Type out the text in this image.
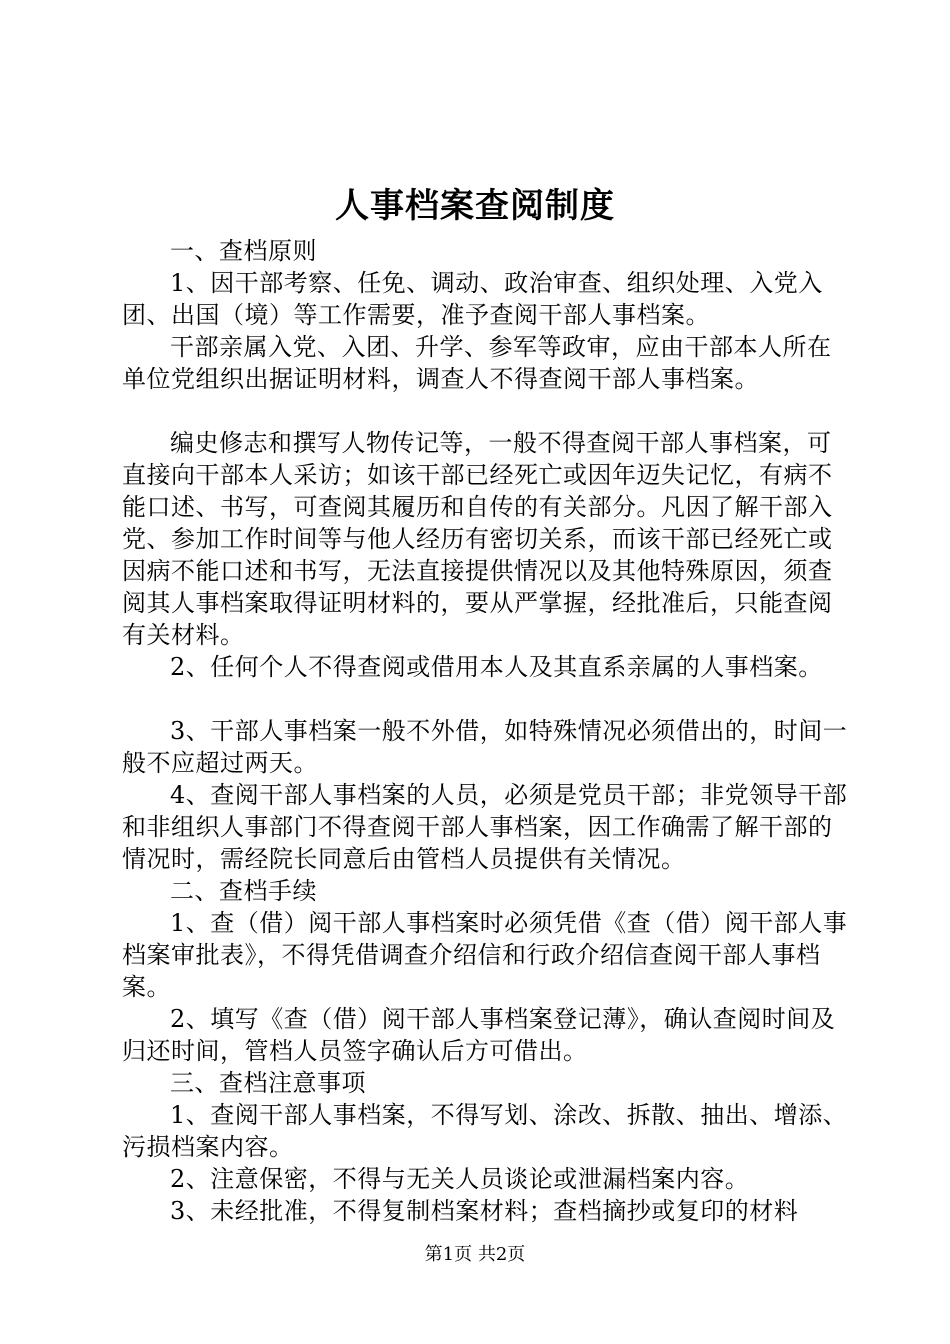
人事档案查阅制度

一、查档原则

1、因干部考察、任免、调动、政治审查、组织处理、入党入团、出国（境）等工作需要，准予查阅干部人事档案。

干部亲属入党、入团、升学、参军等政审，应由干部本人所在单位党组织出据证明材料，调查人不得查阅干部人事档案。

编史修志和撰写人物传记等，一般不得查阅干部人事档案，可直接向干部本人采访；如该干部已经死亡或因年迈失记忆，有病不能口述、书写，可查阅其履历和自传的有关部分。凡因了解干部入党、参加工作时间等与他人经历有密切关系，而该干部已经死亡或因病不能口述和书写，无法直接提供情况以及其他特殊原因，须查阅其人事档案取得证明材料的，要从严掌握，经批准后，只能查阅有关材料。

2、任何个人不得查阅或借用本人及其直系亲属的人事档案。

3、干部人事档案一般不外借，如特殊情况必须借出的，时间一般不应超过两天。

4、查阅干部人事档案的人员，必须是党员干部；非党领导干部和非组织人事部门不得查阅干部人事档案，因工作确需了解干部的情况时，需经院长同意后由管档人员提供有关情况。

二、查档手续

1、查（借）阅干部人事档案时必须凭借《查（借）阅干部人事档案审批表》，不得凭借调查介绍信和行政介绍信查阅干部人事档案。

2、填写《查（借）阅干部人事档案登记薄》，确认查阅时间及归还时间，管档人员签字确认后方可借出。

三、查档注意事项

1、查阅干部人事档案，不得写划、涂改、拆散、抽出、增添、污损档案内容。

2、注意保密，不得与无关人员谈论或泄漏档案内容。

3、未经批准，不得复制档案材料；查档摘抄或复印的材料

第1页 共2页
